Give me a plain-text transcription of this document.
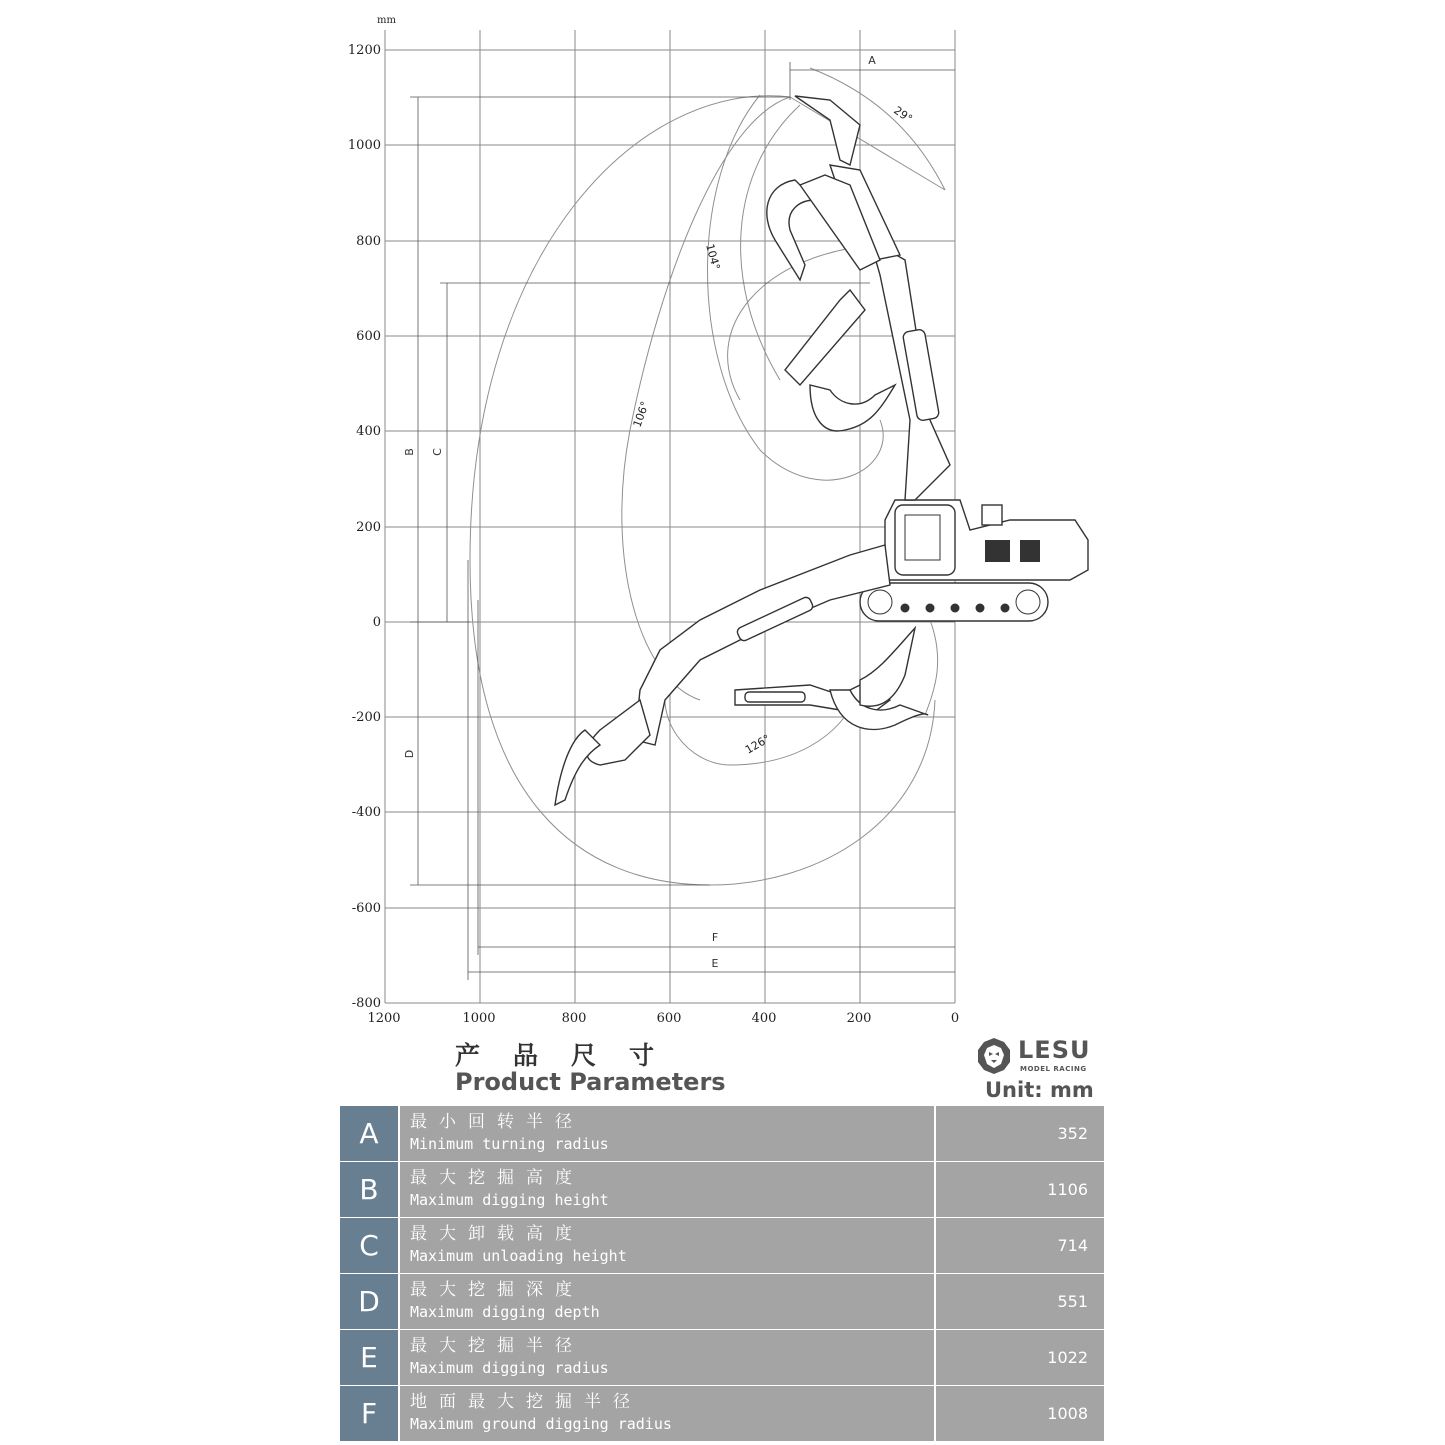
mm
1200
1000
800
600
400
200
0
-200
-400
-600
-800
1200	1000	800	600	400	200	0
A
B C
D
E
F
29°
104°
106°
126°
产品尺寸
Product Parameters
LESU
MODEL RACING
Unit: mm
A	最小回转半径
Minimum turning radius
352
B	最大挖掘高度
Maximum digging height
1106
C	最大卸载高度
Maximum unloading height
714
D	最大挖掘深度
Maximum digging depth
551
E	最大挖掘半径
Maximum digging radius
1022
F	地面最大挖掘半径
Maximum ground digging radius
1008
